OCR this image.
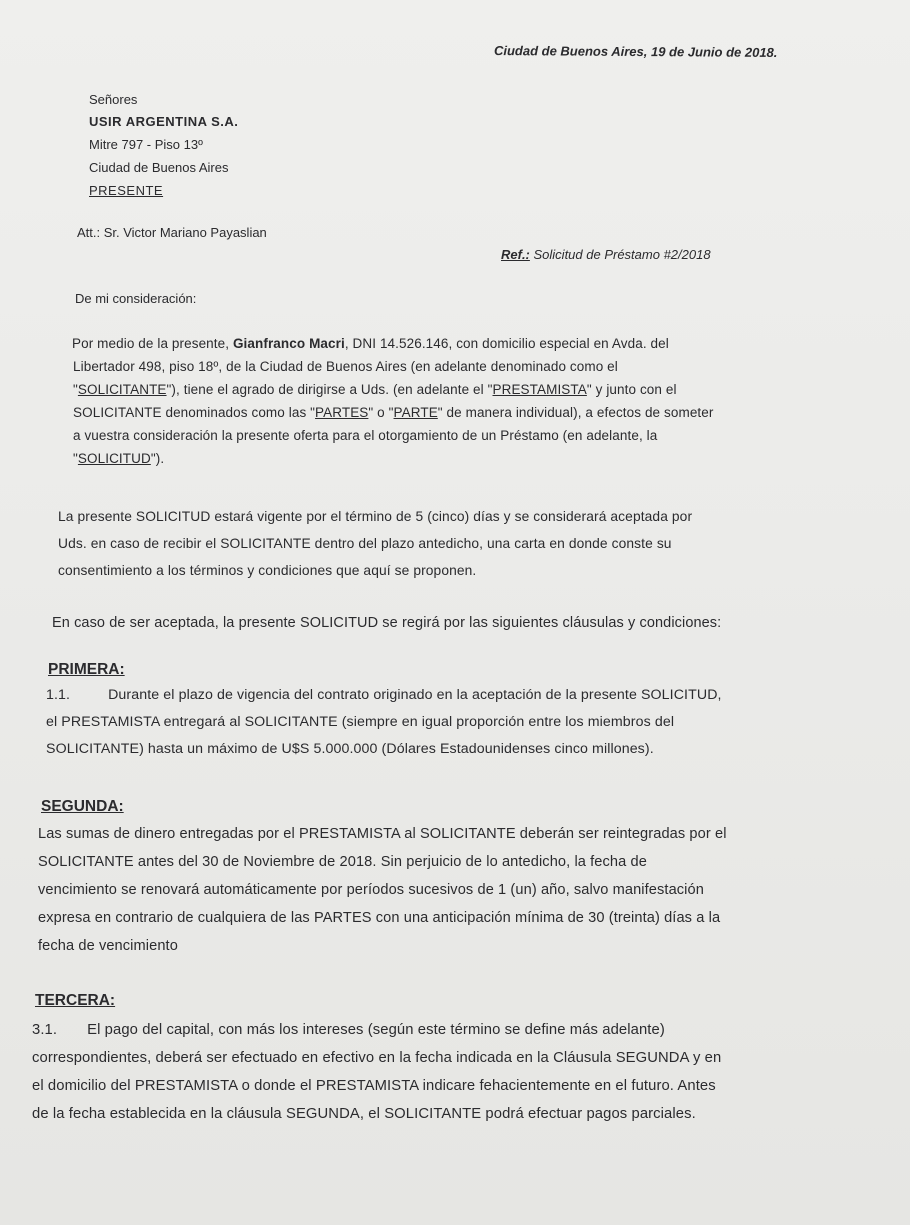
Ciudad de Buenos Aires, 19 de Junio de 2018.
Señores
USIR ARGENTINA S.A.
Mitre 797 - Piso 13º
Ciudad de Buenos Aires
PRESENTE
Att.: Sr. Victor Mariano Payaslian
Ref.: Solicitud de Préstamo #2/2018
De mi consideración:
Por medio de la presente, Gianfranco Macri, DNI 14.526.146, con domicilio especial en Avda. del
Libertador 498, piso 18º, de la Ciudad de Buenos Aires (en adelante denominado como el
"SOLICITANTE"), tiene el agrado de dirigirse a Uds. (en adelante el "PRESTAMISTA" y junto con el
SOLICITANTE denominados como las "PARTES" o "PARTE" de manera individual), a efectos de someter
a vuestra consideración la presente oferta para el otorgamiento de un Préstamo (en adelante, la
"SOLICITUD").
La presente SOLICITUD estará vigente por el término de 5 (cinco) días y se considerará aceptada por
Uds. en caso de recibir el SOLICITANTE dentro del plazo antedicho, una carta en donde conste su
consentimiento a los términos y condiciones que aquí se proponen.
En caso de ser aceptada, la presente SOLICITUD se regirá por las siguientes cláusulas y condiciones:
PRIMERA:
1.1.	Durante el plazo de vigencia del contrato originado en la aceptación de la presente SOLICITUD,
el PRESTAMISTA entregará al SOLICITANTE (siempre en igual proporción entre los miembros del
SOLICITANTE) hasta un máximo de U$S 5.000.000 (Dólares Estadounidenses cinco millones).
SEGUNDA:
Las sumas de dinero entregadas por el PRESTAMISTA al SOLICITANTE deberán ser reintegradas por el
SOLICITANTE antes del 30 de Noviembre de 2018. Sin perjuicio de lo antedicho, la fecha de
vencimiento se renovará automáticamente por períodos sucesivos de 1 (un) año, salvo manifestación
expresa en contrario de cualquiera de las PARTES con una anticipación mínima de 30 (treinta) días a la
fecha de vencimiento
TERCERA:
3.1. El pago del capital, con más los intereses (según este término se define más adelante)
correspondientes, deberá ser efectuado en efectivo en la fecha indicada en la Cláusula SEGUNDA y en
el domicilio del PRESTAMISTA o donde el PRESTAMISTA indicare fehacientemente en el futuro. Antes
de la fecha establecida en la cláusula SEGUNDA, el SOLICITANTE podrá efectuar pagos parciales.
